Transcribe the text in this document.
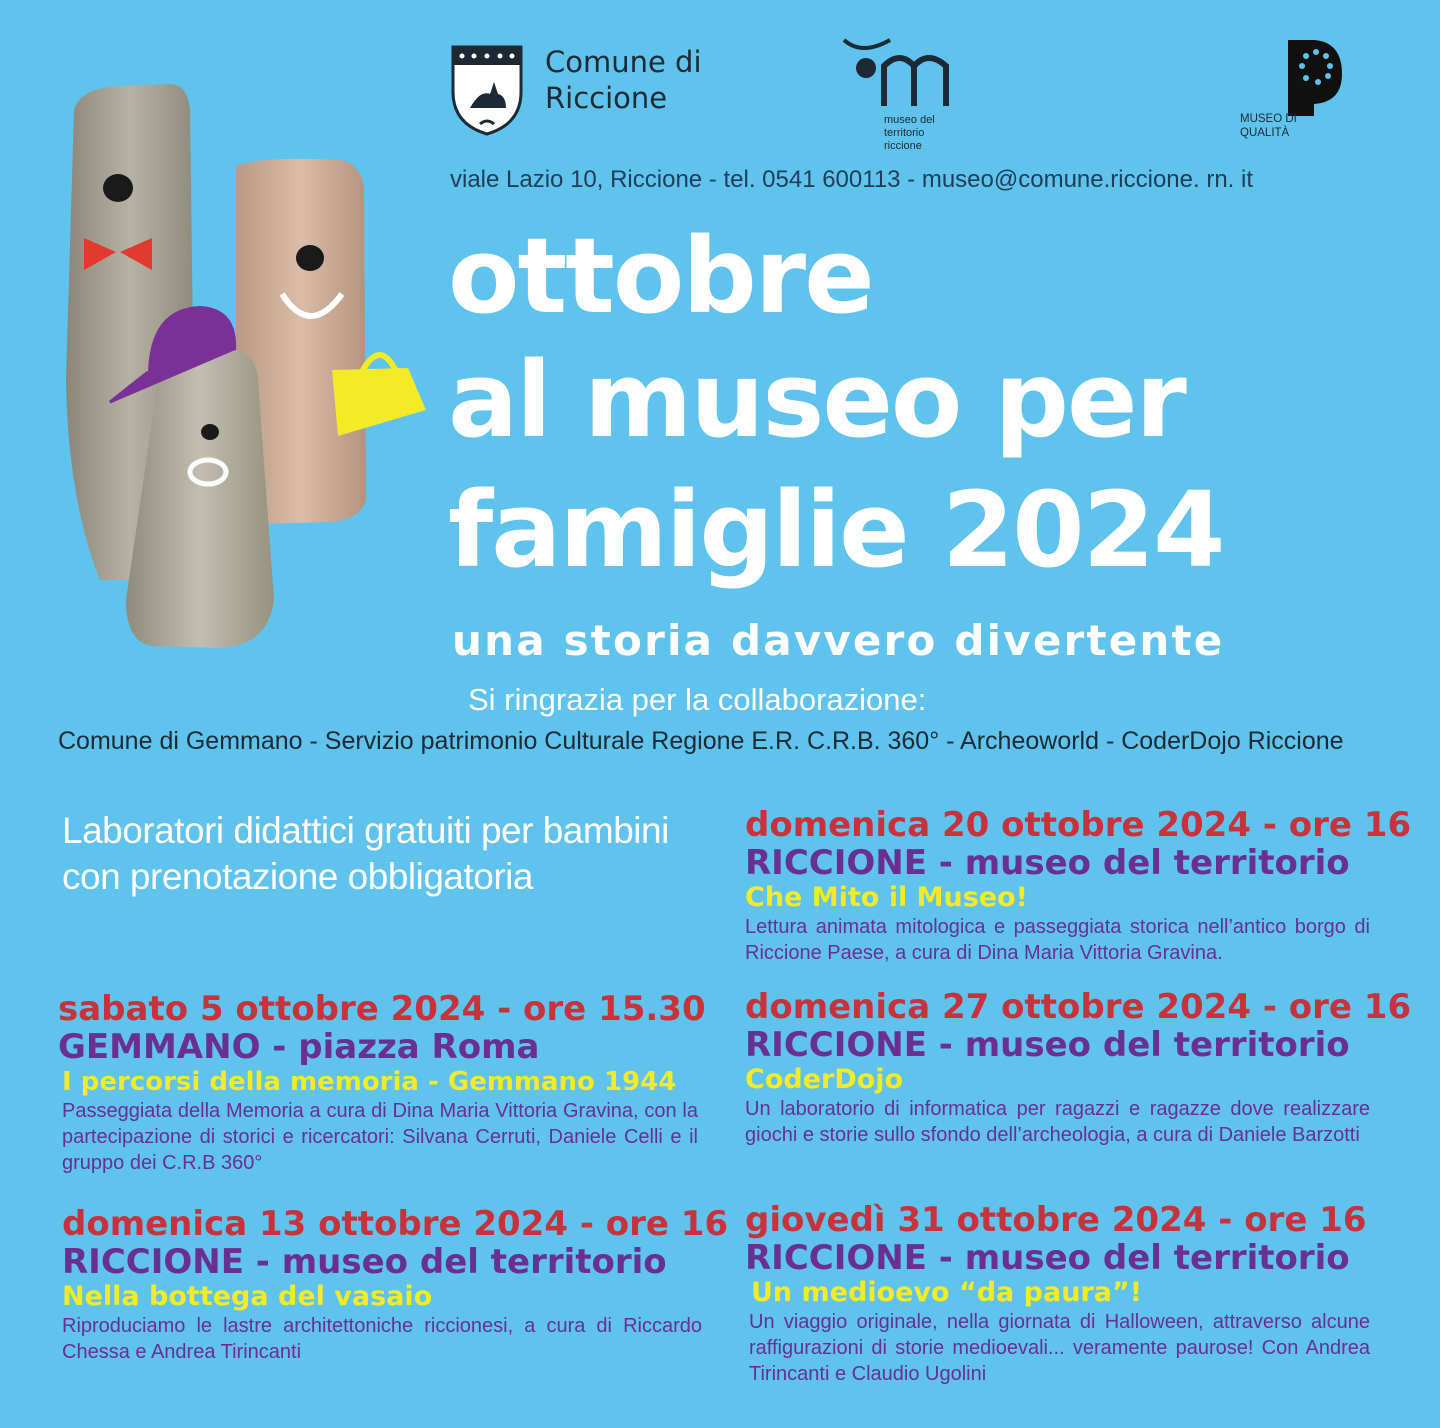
Comune di
Riccione
museo del territorio riccione
MUSEO DI QUALITÀ
viale Lazio 10, Riccione - tel. 0541 600113 - museo@comune.riccione. rn. it
ottobre
al museo per
famiglie 2024
una storia davvero divertente
Si ringrazia per la collaborazione:
Comune di Gemmano - Servizio patrimonio Culturale Regione E.R. C.R.B. 360° - Archeoworld - CoderDojo Riccione
Laboratori didattici gratuiti per bambini con prenotazione obbligatoria
sabato 5 ottobre 2024 - ore 15.30
GEMMANO - piazza Roma
I percorsi della memoria - Gemmano 1944
Passeggiata della Memoria a cura di Dina Maria Vittoria Gravina, con la partecipazione di storici e ricercatori: Silvana Cerruti, Daniele Celli e il gruppo dei C.R.B 360°
domenica 13 ottobre 2024 - ore 16
RICCIONE - museo del territorio
Nella bottega del vasaio
Riproduciamo le lastre architettoniche riccionesi, a cura di Riccardo Chessa e Andrea Tirincanti
domenica 20 ottobre 2024 - ore 16
RICCIONE - museo del territorio
Che Mito il Museo!
Lettura animata mitologica e passeggiata storica nell’antico borgo di Riccione Paese, a cura di Dina Maria Vittoria Gravina.
domenica 27 ottobre 2024 - ore 16
RICCIONE - museo del territorio
CoderDojo
Un laboratorio di informatica per ragazzi e ragazze dove realizzare giochi e storie sullo sfondo dell’archeologia, a cura di Daniele Barzotti
giovedì 31 ottobre 2024 - ore 16
RICCIONE - museo del territorio
Un medioevo “da paura”!
Un viaggio originale, nella giornata di Halloween, attraverso alcune raffigurazioni di storie medioevali... veramente paurose! Con Andrea Tirincanti e Claudio Ugolini
